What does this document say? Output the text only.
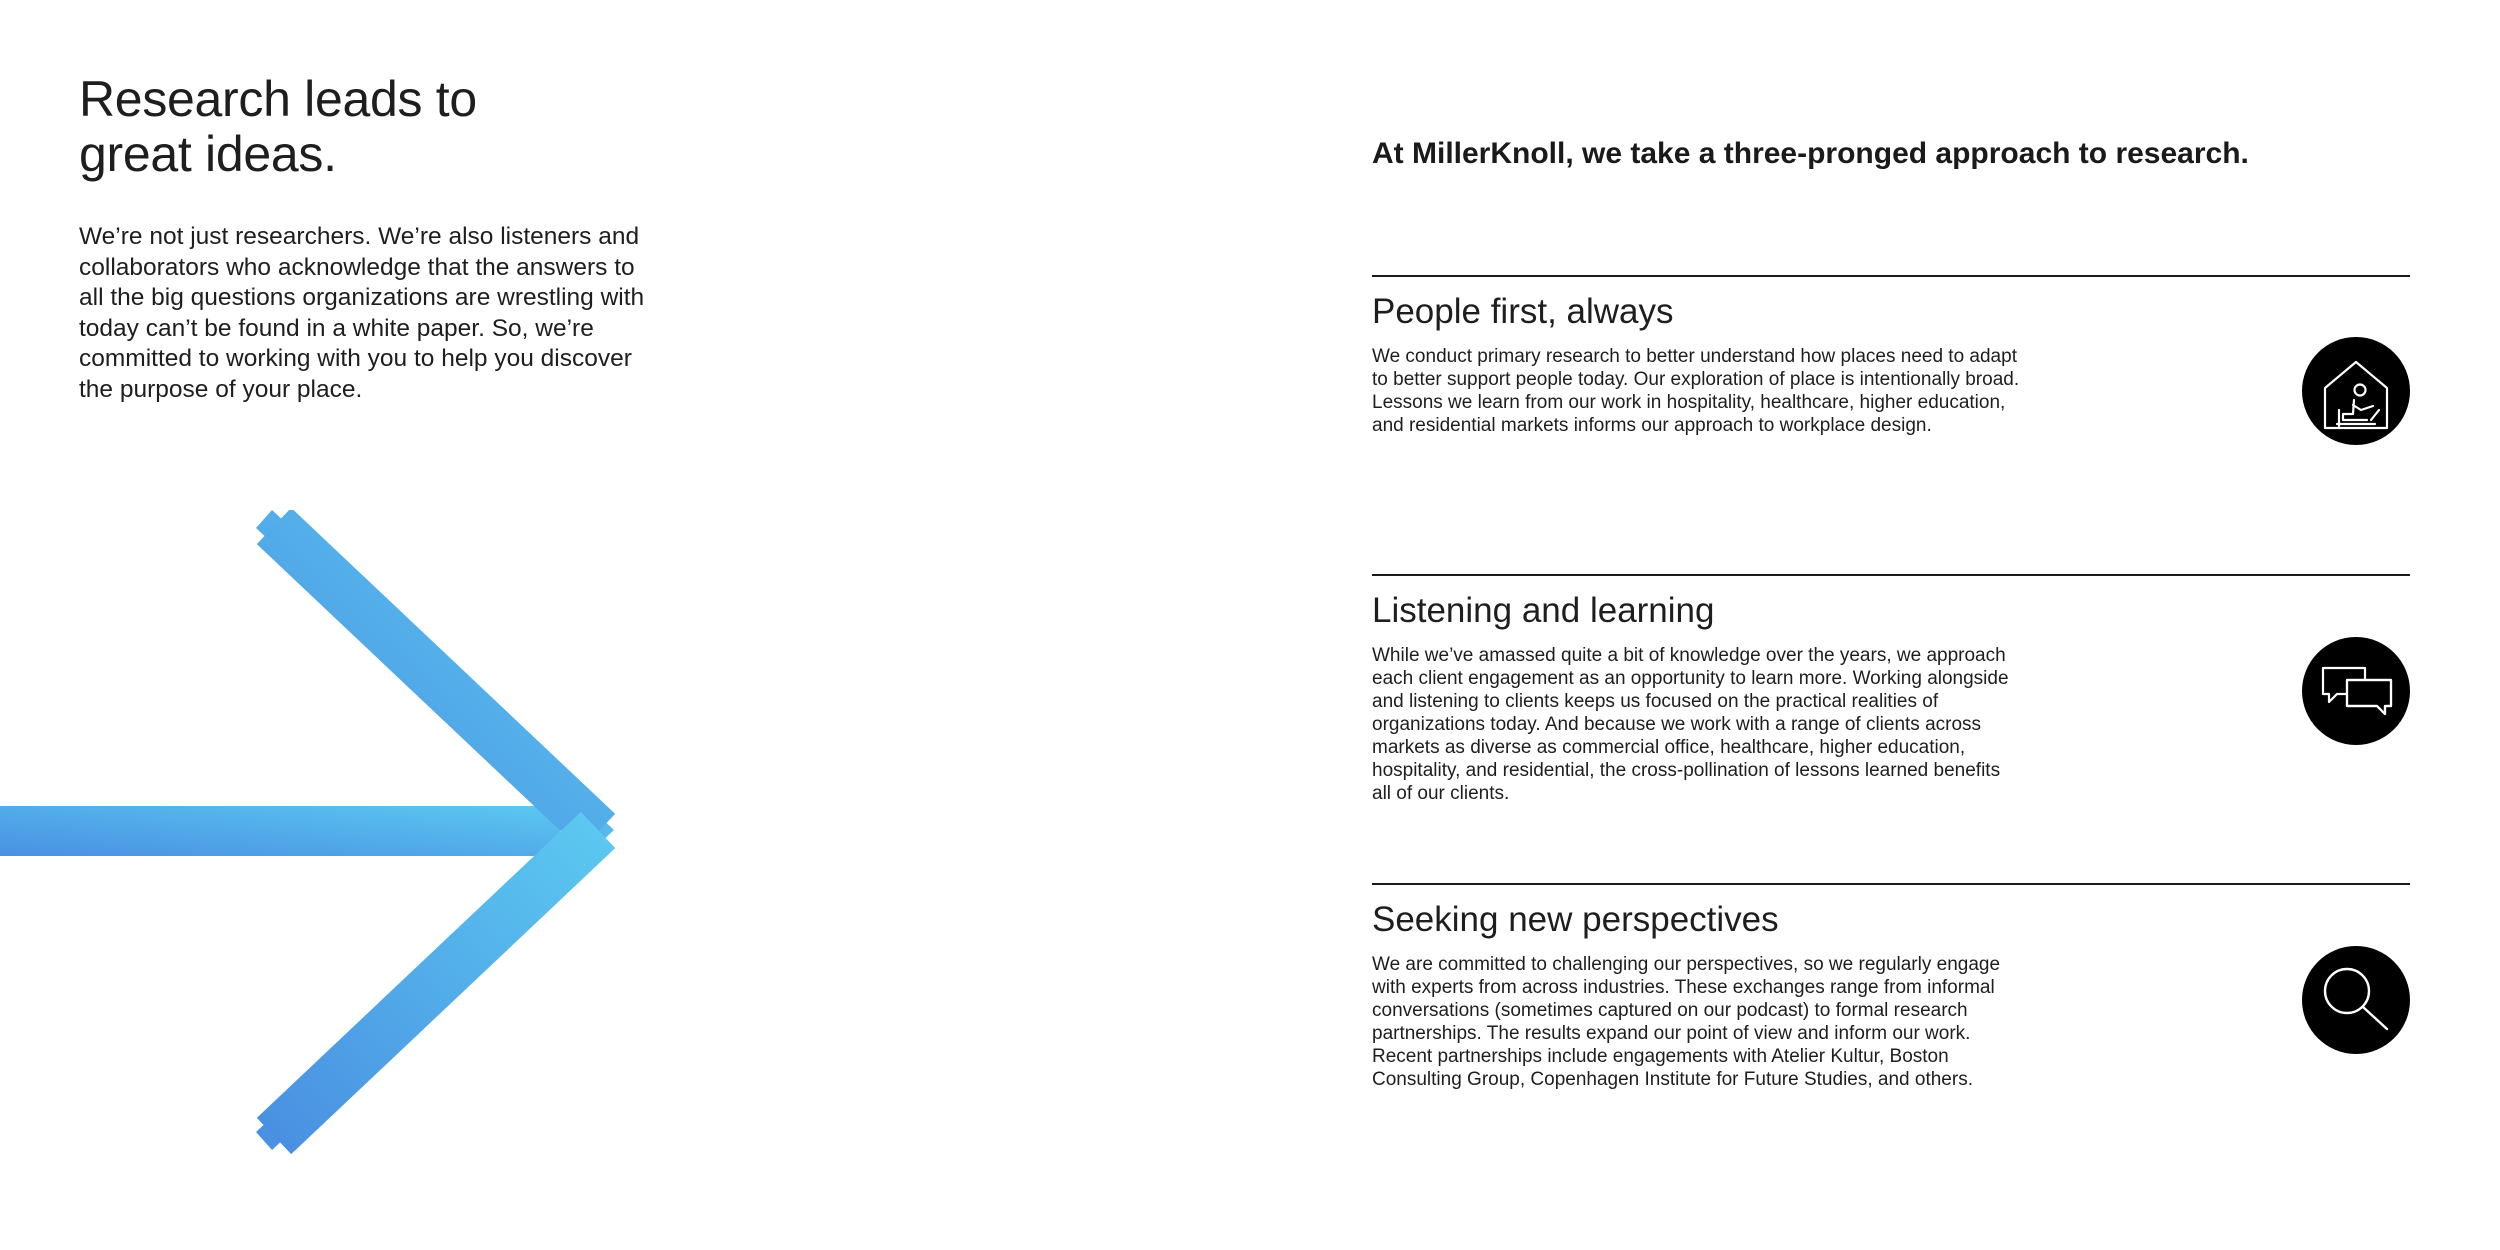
Research leads to
great ideas.

We’re not just researchers. We’re also listeners and collaborators who acknowledge that the answers to all the big questions organizations are wrestling with today can’t be found in a white paper. So, we’re committed to working with you to help you discover the purpose of your place.

At MillerKnoll, we take a three-pronged approach to research.
People first, always

We conduct primary research to better understand how places need to adapt to better support people today. Our exploration of place is intentionally broad. Lessons we learn from our work in hospitality, healthcare, higher education, and residential markets informs our approach to workplace design.

Listening and learning

While we’ve amassed quite a bit of knowledge over the years, we approach each client engagement as an opportunity to learn more. Working alongside and listening to clients keeps us focused on the practical realities of organizations today. And because we work with a range of clients across markets as diverse as commercial office, healthcare, higher education, hospitality, and residential, the cross-pollination of lessons learned benefits all of our clients.

Seeking new perspectives

We are committed to challenging our perspectives, so we regularly engage with experts from across industries. These exchanges range from informal conversations (sometimes captured on our podcast) to formal research partnerships. The results expand our point of view and inform our work. Recent partnerships include engagements with Atelier Kultur, Boston Consulting Group, Copenhagen Institute for Future Studies, and others.
